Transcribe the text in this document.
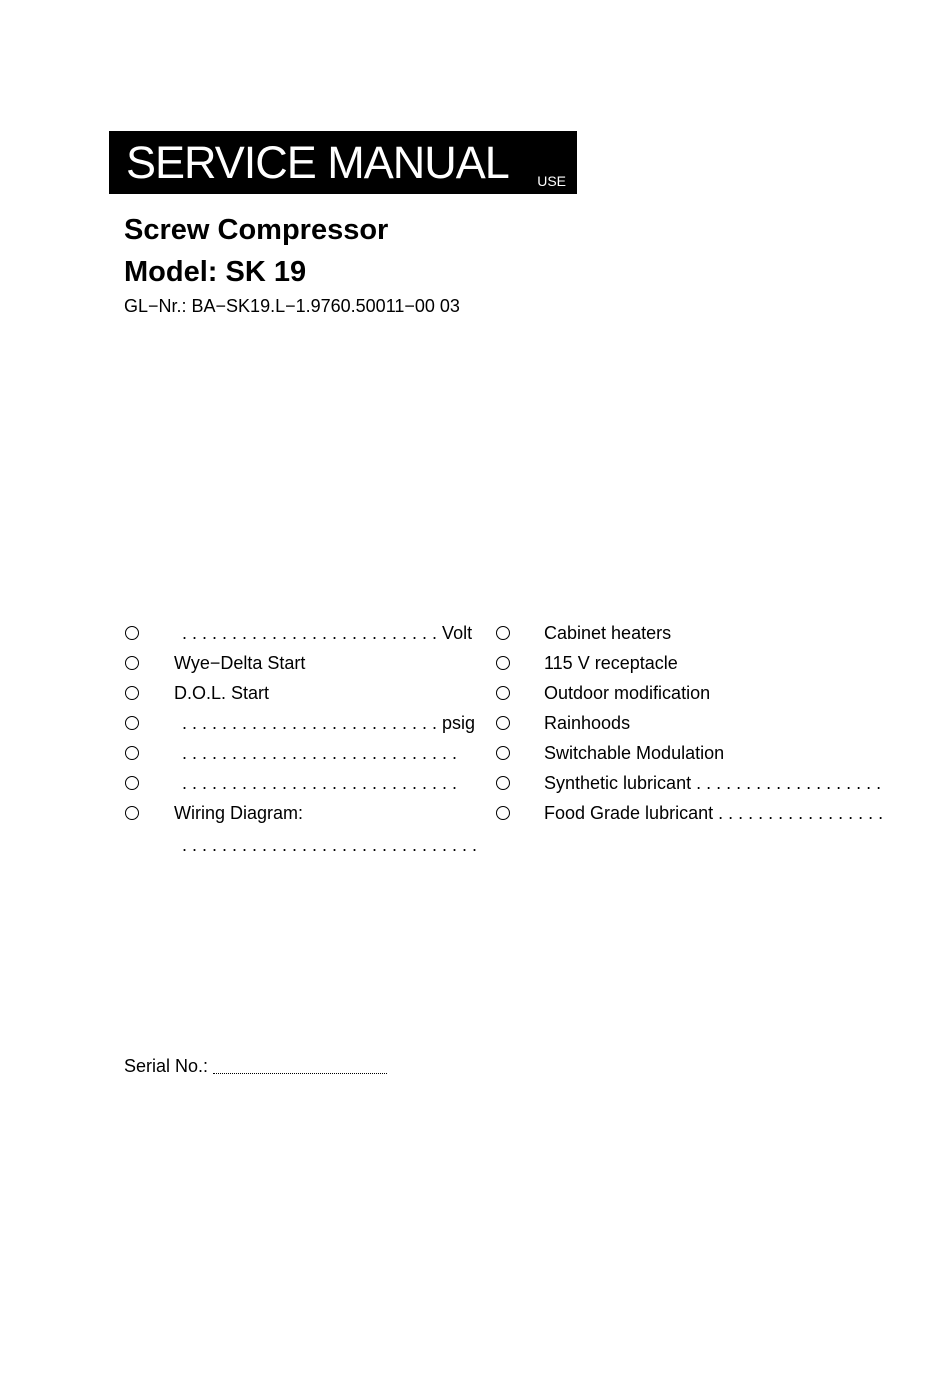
SERVICE MANUAL USE
Screw Compressor
Model: SK 19
GL−Nr.: BA−SK19.L−1.9760.50011−00 03
. . . . . . . . . . . . . . . . . . . . . . . . . . Volt
Wye−Delta Start
D.O.L. Start
. . . . . . . . . . . . . . . . . . . . . . . . . . psig
. . . . . . . . . . . . . . . . . . . . . . . . . . . .
. . . . . . . . . . . . . . . . . . . . . . . . . . . .
Wiring Diagram:
. . . . . . . . . . . . . . . . . . . . . . . . . . . . . .
Cabinet heaters
115 V receptacle
Outdoor modification
Rainhoods
Switchable Modulation
Synthetic lubricant . . . . . . . . . . . . . . . . . . .
Food Grade lubricant . . . . . . . . . . . . . . . . .
Serial No.:
